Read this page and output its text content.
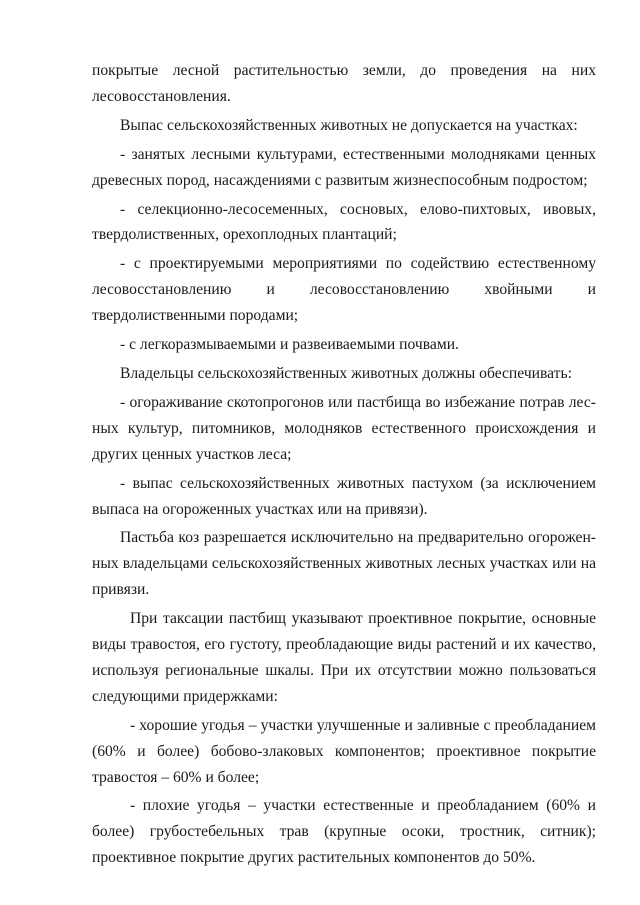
покрытые лесной растительностью земли, до проведения на них лесовосстановления.

Выпас сельскохозяйственных животных не допускается на участках:

- занятых лесными культурами, естественными молодняками ценных древесных пород, насаждениями с развитым жизнеспособным подростом;

- селекционно-лесосеменных, сосновых, елово-пихтовых, ивовых, твердолиственных, орехоплодных плантаций;

- с проектируемыми мероприятиями по содействию естественному лесовосстановлению и лесовосстановлению хвойными и твердолиственными породами;

- с легкоразмываемыми и развеиваемыми почвами.

Владельцы сельскохозяйственных животных должны обеспечивать:

- огораживание скотопрогонов или пастбища во избежание потрав лесных культур, питомников, молодняков естественного происхождения и других ценных участков леса;

- выпас сельскохозяйственных животных пастухом (за исключением выпаса на огороженных участках или на привязи).

Пастьба коз разрешается исключительно на предварительно огороженных владельцами сельскохозяйственных животных лесных участках или на привязи.

При таксации пастбищ указывают проективное покрытие, основные виды травостоя, его густоту, преобладающие виды растений и их качество, используя региональные шкалы. При их отсутствии можно пользоваться следующими придержками:

- хорошие угодья – участки улучшенные и заливные с преобладанием (60% и более) бобово-злаковых компонентов; проективное покрытие травостоя – 60% и более;

- плохие угодья – участки естественные и преобладанием (60% и более) грубостебельных трав (крупные осоки, тростник, ситник); проективное покрытие других растительных компонентов до 50%.
